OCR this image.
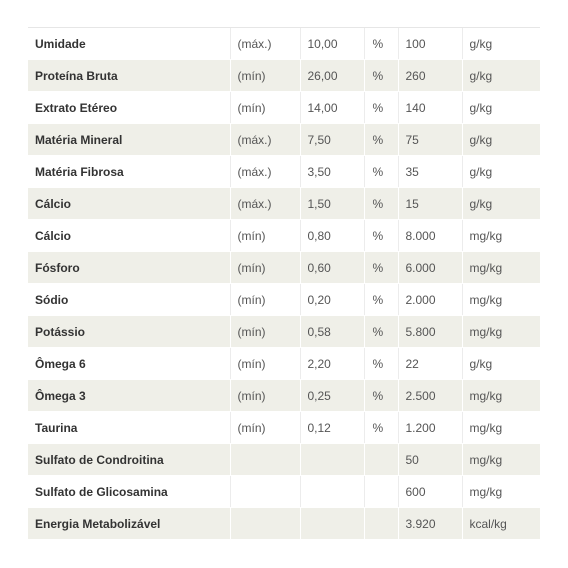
Umidade	(máx.)	10,00	%	100	g/kg
Proteína Bruta	(mín)	26,00	%	260	g/kg
Extrato Etéreo	(mín)	14,00	%	140	g/kg
Matéria Mineral	(máx.)	7,50	%	75	g/kg
Matéria Fibrosa	(máx.)	3,50	%	35	g/kg
Cálcio	(máx.)	1,50	%	15	g/kg
Cálcio	(mín)	0,80	%	8.000	mg/kg
Fósforo	(mín)	0,60	%	6.000	mg/kg
Sódio	(mín)	0,20	%	2.000	mg/kg
Potássio	(mín)	0,58	%	5.800	mg/kg
Ômega 6	(mín)	2,20	%	22	g/kg
Ômega 3	(mín)	0,25	%	2.500	mg/kg
Taurina	(mín)	0,12	%	1.200	mg/kg
Sulfato de Condroitina				50	mg/kg
Sulfato de Glicosamina				600	mg/kg
Energia Metabolizável				3.920	kcal/kg
